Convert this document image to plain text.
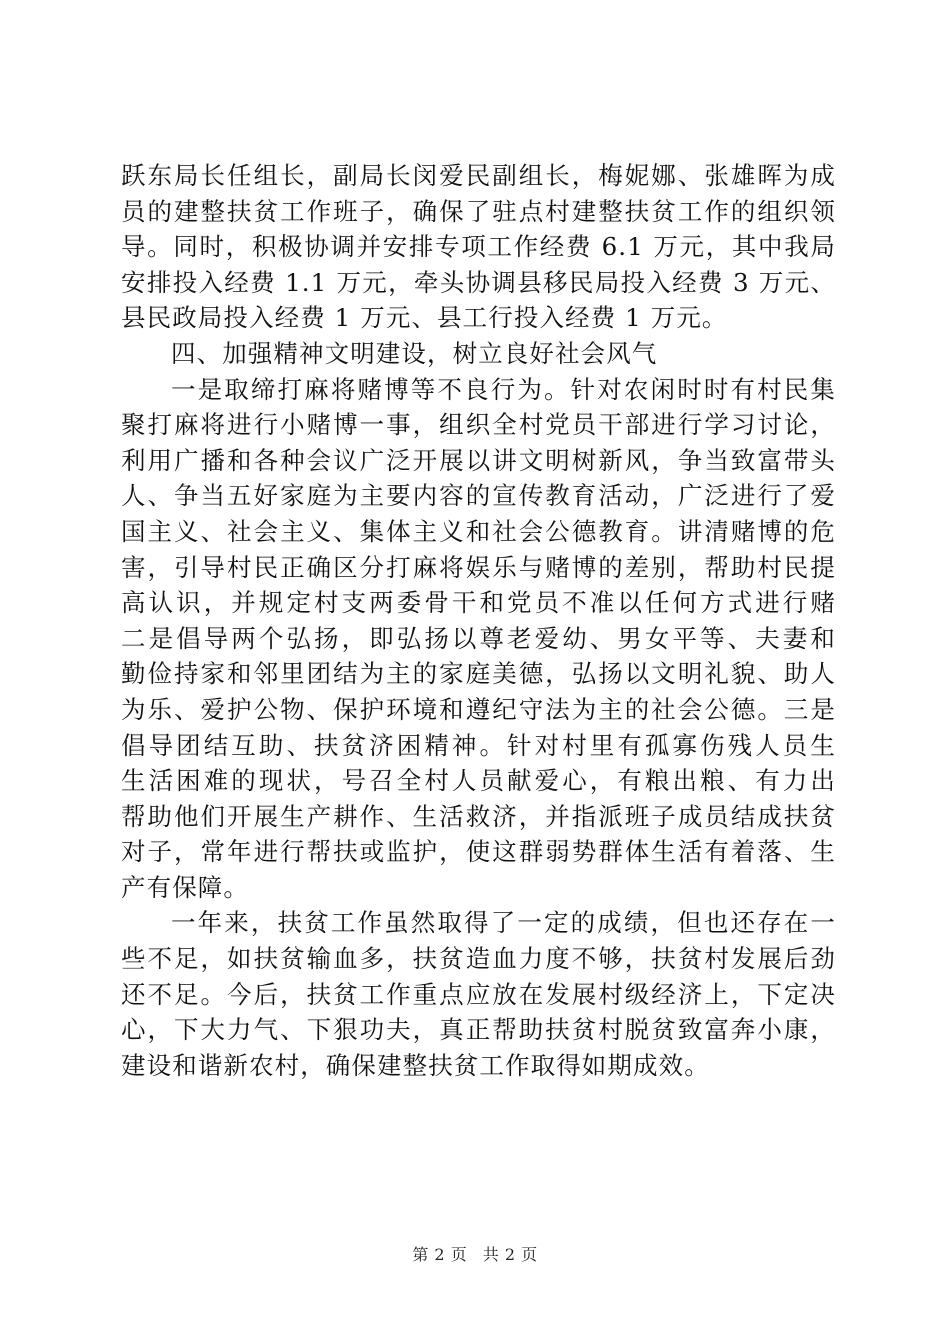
跃东局长任组长，副局长闵爱民副组长，梅妮娜、张雄晖为成
员的建整扶贫工作班子，确保了驻点村建整扶贫工作的组织领
导。同时，积极协调并安排专项工作经费 6.1 万元，其中我局
安排投入经费 1.1 万元，牵头协调县移民局投入经费 3 万元、
县民政局投入经费 1 万元、县工行投入经费 1 万元。
四、加强精神文明建设，树立良好社会风气
一是取缔打麻将赌博等不良行为。针对农闲时时有村民集
聚打麻将进行小赌博一事，组织全村党员干部进行学习讨论，
利用广播和各种会议广泛开展以讲文明树新风，争当致富带头
人、争当五好家庭为主要内容的宣传教育活动，广泛进行了爱
国主义、社会主义、集体主义和社会公德教育。讲清赌博的危
害，引导村民正确区分打麻将娱乐与赌博的差别，帮助村民提
高认识，并规定村支两委骨干和党员不准以任何方式进行赌
二是倡导两个弘扬，即弘扬以尊老爱幼、男女平等、夫妻和
勤俭持家和邻里团结为主的家庭美德，弘扬以文明礼貌、助人
为乐、爱护公物、保护环境和遵纪守法为主的社会公德。三是
倡导团结互助、扶贫济困精神。针对村里有孤寡伤残人员生
生活困难的现状，号召全村人员献爱心，有粮出粮、有力出
帮助他们开展生产耕作、生活救济，并指派班子成员结成扶贫
对子，常年进行帮扶或监护，使这群弱势群体生活有着落、生
产有保障。
一年来，扶贫工作虽然取得了一定的成绩，但也还存在一
些不足，如扶贫输血多，扶贫造血力度不够，扶贫村发展后劲
还不足。今后，扶贫工作重点应放在发展村级经济上，下定决
心，下大力气、下狠功夫，真正帮助扶贫村脱贫致富奔小康，
建设和谐新农村，确保建整扶贫工作取得如期成效。
第 2 页 共 2 页
